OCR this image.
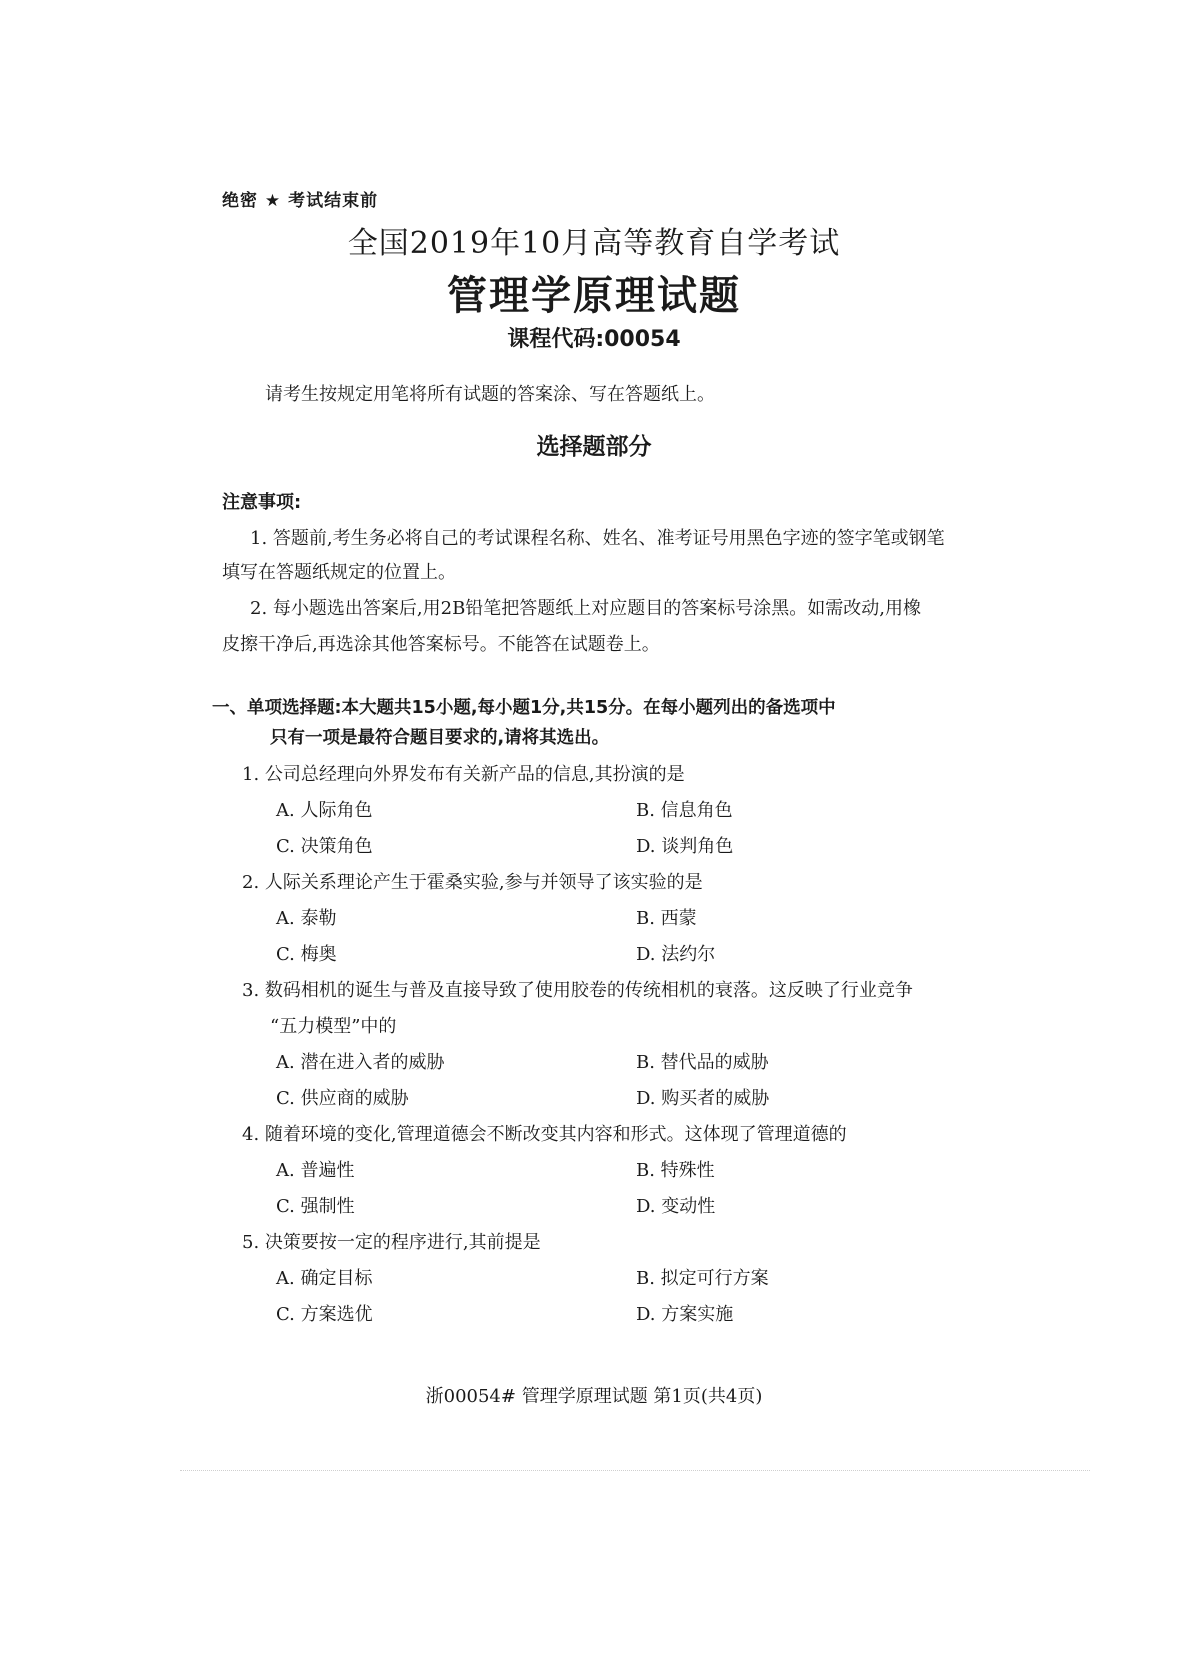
绝密 ★ 考试结束前
全国2019年10月高等教育自学考试
管理学原理试题
课程代码:00054
请考生按规定用笔将所有试题的答案涂、写在答题纸上。
选择题部分
注意事项:
1. 答题前,考生务必将自己的考试课程名称、姓名、准考证号用黑色字迹的签字笔或钢笔
填写在答题纸规定的位置上。
2. 每小题选出答案后,用2B铅笔把答题纸上对应题目的答案标号涂黑。如需改动,用橡
皮擦干净后,再选涂其他答案标号。不能答在试题卷上。
一、单项选择题:本大题共15小题,每小题1分,共15分。在每小题列出的备选项中
只有一项是最符合题目要求的,请将其选出。
1. 公司总经理向外界发布有关新产品的信息,其扮演的是
A. 人际角色	B. 信息角色
C. 决策角色	D. 谈判角色
2. 人际关系理论产生于霍桑实验,参与并领导了该实验的是
A. 泰勒	B. 西蒙
C. 梅奥	D. 法约尔
3. 数码相机的诞生与普及直接导致了使用胶卷的传统相机的衰落。这反映了行业竞争
“五力模型”中的
A. 潜在进入者的威胁	B. 替代品的威胁
C. 供应商的威胁	D. 购买者的威胁
4. 随着环境的变化,管理道德会不断改变其内容和形式。这体现了管理道德的
A. 普遍性	B. 特殊性
C. 强制性	D. 变动性
5. 决策要按一定的程序进行,其前提是
A. 确定目标	B. 拟定可行方案
C. 方案选优	D. 方案实施
浙00054# 管理学原理试题 第1页(共4页)
